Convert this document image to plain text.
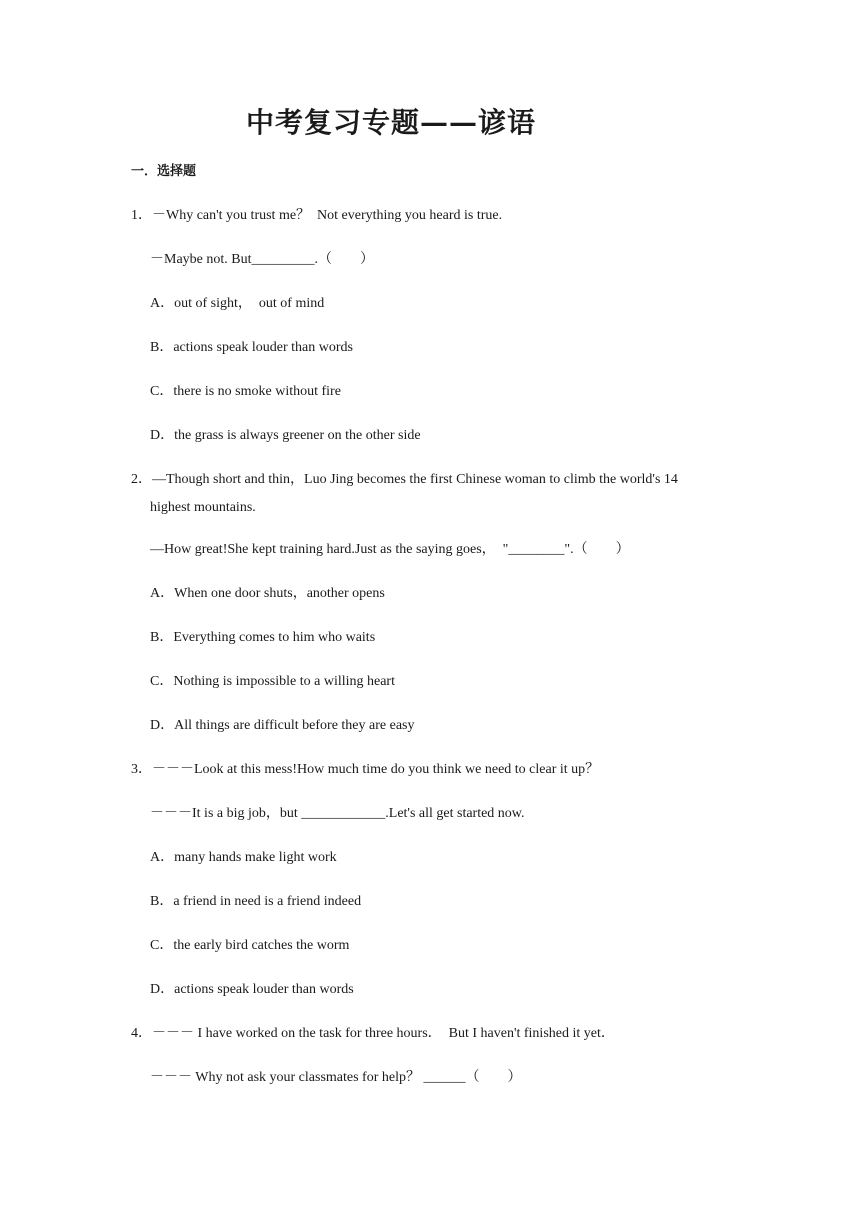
中考复习专题——谚语
一．选择题
1．－Why can't you trust me？  Not everything you heard is true.
－Maybe not. But_________.（　　）
A．out of sight，  out of mind
B．actions speak louder than words
C．there is no smoke without fire
D．the grass is always greener on the other side
2．—Though short and thin，Luo Jing becomes the first Chinese woman to climb the world's 14
highest mountains.
—How great!She kept training hard.Just as the saying goes，  "________".（　　）
A．When one door shuts，another opens
B．Everything comes to him who waits
C．Nothing is impossible to a willing heart
D．All things are difficult before they are easy
3．－－－Look at this mess!How much time do you think we need to clear it up？
－－－It is a big job，but ____________.Let's all get started now.
A．many hands make light work
B．a friend in need is a friend indeed
C．the early bird catches the worm
D．actions speak louder than words
4．－－－ I have worked on the task for three hours．  But I haven't finished it yet．
－－－ Why not ask your classmates for help？ ______（　　）
